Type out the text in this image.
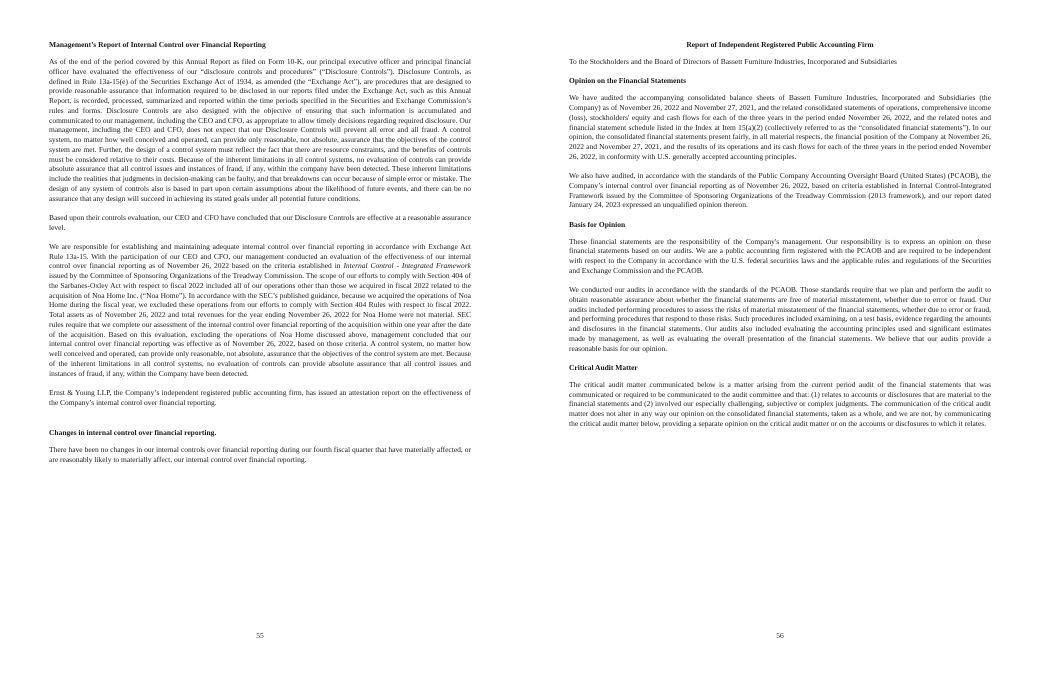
Management’s Report of Internal Control over Financial Reporting

As of the end of the period covered by this Annual Report as filed on Form 10-K, our principal executive officer and principal financial officer have evaluated the effectiveness of our “disclosure controls and procedures” (“Disclosure Controls”). Disclosure Controls, as defined in Rule 13a-15(e) of the Securities Exchange Act of 1934, as amended (the “Exchange Act”), are procedures that are designed to provide reasonable assurance that information required to be disclosed in our reports filed under the Exchange Act, such as this Annual Report, is recorded, processed, summarized and reported within the time periods specified in the Securities and Exchange Commission’s rules and forms. Disclosure Controls are also designed with the objective of ensuring that such information is accumulated and communicated to our management, including the CEO and CFO, as appropriate to allow timely decisions regarding required disclosure. Our management, including the CEO and CFO, does not expect that our Disclosure Controls will prevent all error and all fraud. A control system, no matter how well conceived and operated, can provide only reasonable, not absolute, assurance that the objectives of the control system are met. Further, the design of a control system must reflect the fact that there are resource constraints, and the benefits of controls must be considered relative to their costs. Because of the inherent limitations in all control systems, no evaluation of controls can provide absolute assurance that all control issues and instances of fraud, if any, within the company have been detected. These inherent limitations include the realities that judgments in decision-making can be faulty, and that breakdowns can occur because of simple error or mistake. The design of any system of controls also is based in part upon certain assumptions about the likelihood of future events, and there can be no assurance that any design will succeed in achieving its stated goals under all potential future conditions.

Based upon their controls evaluation, our CEO and CFO have concluded that our Disclosure Controls are effective at a reasonable assurance level.

We are responsible for establishing and maintaining adequate internal control over financial reporting in accordance with Exchange Act Rule 13a-15. With the participation of our CEO and CFO, our management conducted an evaluation of the effectiveness of our internal control over financial reporting as of November 26, 2022 based on the criteria established in Internal Control - Integrated Framework issued by the Committee of Sponsoring Organizations of the Treadway Commission. The scope of our efforts to comply with Section 404 of the Sarbanes-Oxley Act with respect to fiscal 2022 included all of our operations other than those we acquired in fiscal 2022 related to the acquisition of Noa Home Inc. (“Noa Home”). In accordance with the SEC’s published guidance, because we acquired the operations of Noa Home during the fiscal year, we excluded these operations from our efforts to comply with Section 404 Rules with respect to fiscal 2022. Total assets as of November 26, 2022 and total revenues for the year ending November 26, 2022 for Noa Home were not material. SEC rules require that we complete our assessment of the internal control over financial reporting of the acquisition within one year after the date of the acquisition. Based on this evaluation, excluding the operations of Noa Home discussed above, management concluded that our internal control over financial reporting was effective as of November 26, 2022, based on those criteria. A control system, no matter how well conceived and operated, can provide only reasonable, not absolute, assurance that the objectives of the control system are met. Because of the inherent limitations in all control systems, no evaluation of controls can provide absolute assurance that all control issues and instances of fraud, if any, within the Company have been detected.

Ernst & Young LLP, the Company’s independent registered public accounting firm, has issued an attestation report on the effectiveness of the Company’s internal control over financial reporting.

Changes in internal control over financial reporting.

There have been no changes in our internal controls over financial reporting during our fourth fiscal quarter that have materially affected, or are reasonably likely to materially affect, our internal control over financial reporting.

55
Report of Independent Registered Public Accounting Firm

To the Stockholders and the Board of Directors of Bassett Furniture Industries, Incorporated and Subsidiaries

Opinion on the Financial Statements

We have audited the accompanying consolidated balance sheets of Bassett Furniture Industries, Incorporated and Subsidiaries (the Company) as of November 26, 2022 and November 27, 2021, and the related consolidated statements of operations, comprehensive income (loss), stockholders' equity and cash flows for each of the three years in the period ended November 26, 2022, and the related notes and financial statement schedule listed in the Index at Item 15(a)(2) (collectively referred to as the “consolidated financial statements”). In our opinion, the consolidated financial statements present fairly, in all material respects, the financial position of the Company at November 26, 2022 and November 27, 2021, and the results of its operations and its cash flows for each of the three years in the period ended November 26, 2022, in conformity with U.S. generally accepted accounting principles.

We also have audited, in accordance with the standards of the Public Company Accounting Oversight Board (United States) (PCAOB), the Company’s internal control over financial reporting as of November 26, 2022, based on criteria established in Internal Control-Integrated Framework issued by the Committee of Sponsoring Organizations of the Treadway Commission (2013 framework), and our report dated January 24, 2023 expressed an unqualified opinion thereon.

Basis for Opinion

These financial statements are the responsibility of the Company's management. Our responsibility is to express an opinion on these financial statements based on our audits. We are a public accounting firm registered with the PCAOB and are required to be independent with respect to the Company in accordance with the U.S. federal securities laws and the applicable rules and regulations of the Securities and Exchange Commission and the PCAOB.

We conducted our audits in accordance with the standards of the PCAOB. Those standards require that we plan and perform the audit to obtain reasonable assurance about whether the financial statements are free of material misstatement, whether due to error or fraud. Our audits included performing procedures to assess the risks of material misstatement of the financial statements, whether due to error or fraud, and performing procedures that respond to those risks. Such procedures included examining, on a test basis, evidence regarding the amounts and disclosures in the financial statements. Our audits also included evaluating the accounting principles used and significant estimates made by management, as well as evaluating the overall presentation of the financial statements. We believe that our audits provide a reasonable basis for our opinion.

Critical Audit Matter

The critical audit matter communicated below is a matter arising from the current period audit of the financial statements that was communicated or required to be communicated to the audit committee and that: (1) relates to accounts or disclosures that are material to the financial statements and (2) involved our especially challenging, subjective or complex judgments. The communication of the critical audit matter does not alter in any way our opinion on the consolidated financial statements, taken as a whole, and we are not, by communicating the critical audit matter below, providing a separate opinion on the critical audit matter or on the accounts or disclosures to which it relates.

56
